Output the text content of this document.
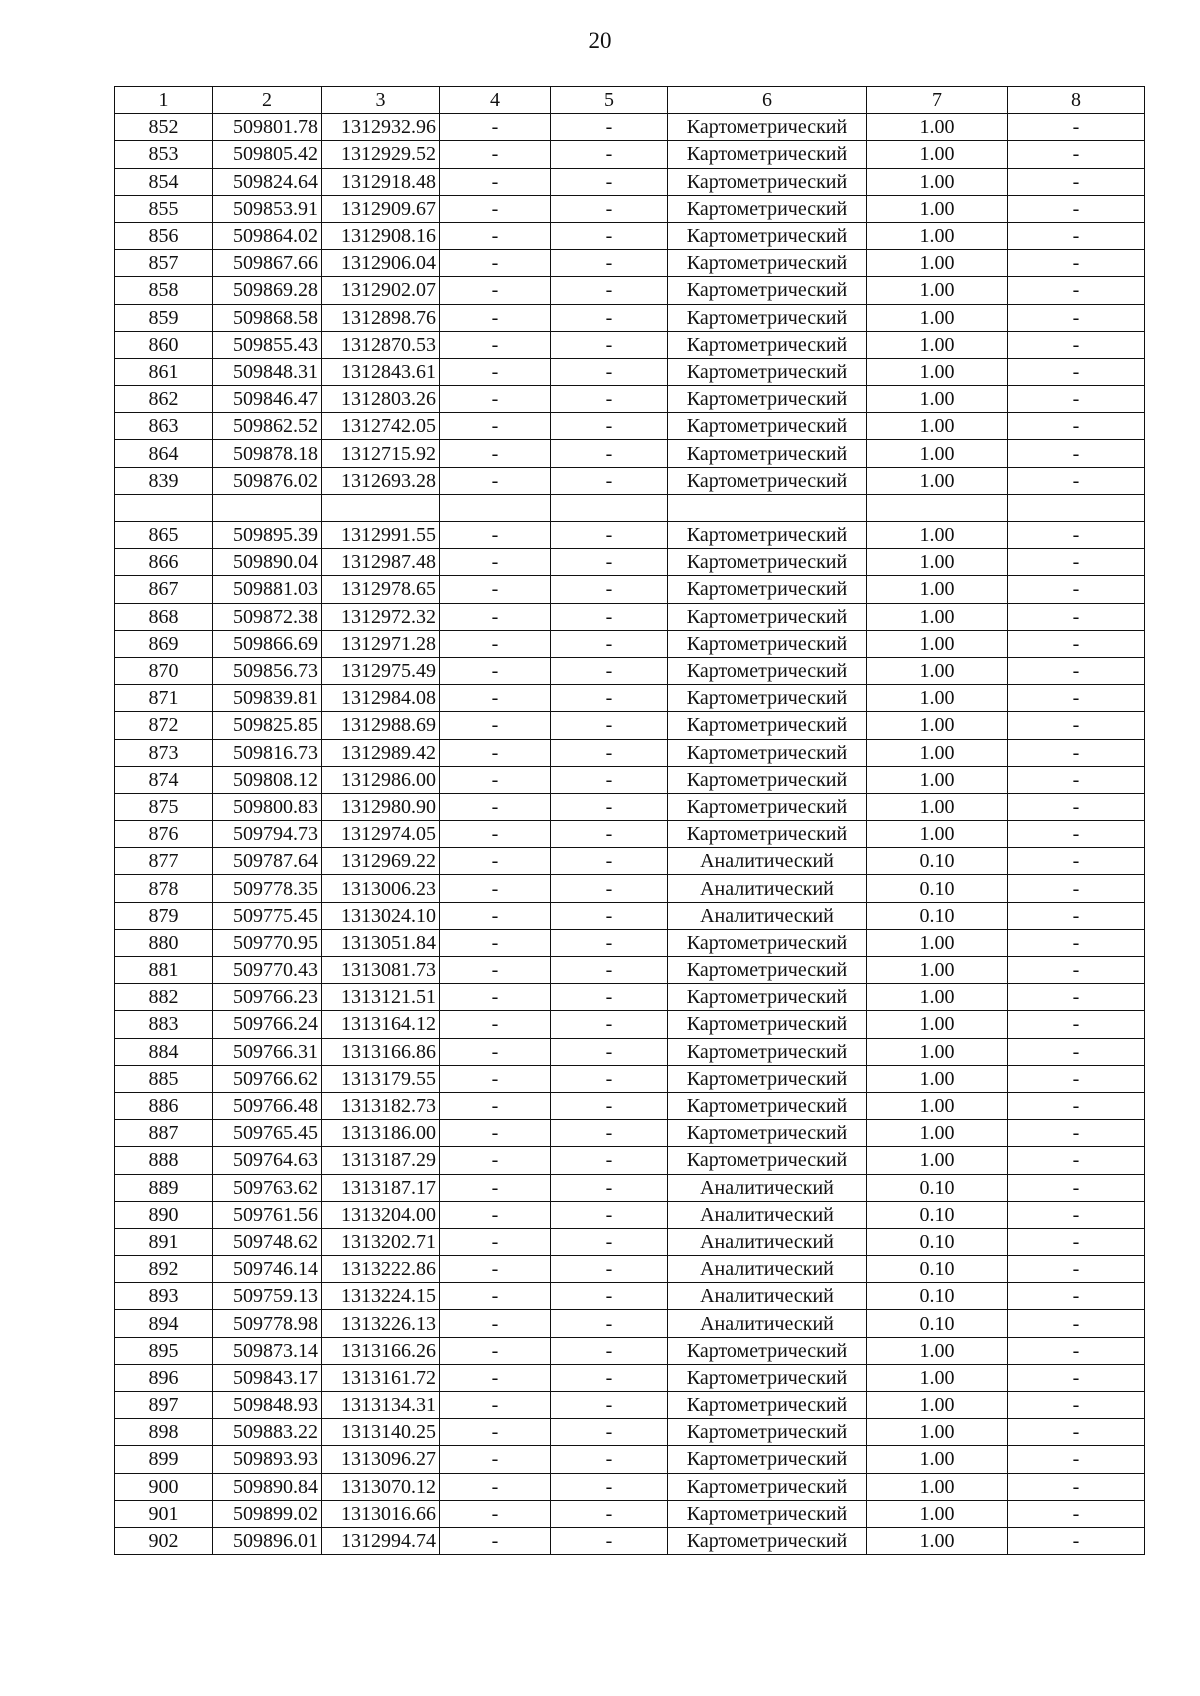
20
1	2	3	4	5	6	7	8
852	509801.78	1312932.96	-	-	Картометрический	1.00	-
853	509805.42	1312929.52	-	-	Картометрический	1.00	-
854	509824.64	1312918.48	-	-	Картометрический	1.00	-
855	509853.91	1312909.67	-	-	Картометрический	1.00	-
856	509864.02	1312908.16	-	-	Картометрический	1.00	-
857	509867.66	1312906.04	-	-	Картометрический	1.00	-
858	509869.28	1312902.07	-	-	Картометрический	1.00	-
859	509868.58	1312898.76	-	-	Картометрический	1.00	-
860	509855.43	1312870.53	-	-	Картометрический	1.00	-
861	509848.31	1312843.61	-	-	Картометрический	1.00	-
862	509846.47	1312803.26	-	-	Картометрический	1.00	-
863	509862.52	1312742.05	-	-	Картометрический	1.00	-
864	509878.18	1312715.92	-	-	Картометрический	1.00	-
839	509876.02	1312693.28	-	-	Картометрический	1.00	-

865	509895.39	1312991.55	-	-	Картометрический	1.00	-
866	509890.04	1312987.48	-	-	Картометрический	1.00	-
867	509881.03	1312978.65	-	-	Картометрический	1.00	-
868	509872.38	1312972.32	-	-	Картометрический	1.00	-
869	509866.69	1312971.28	-	-	Картометрический	1.00	-
870	509856.73	1312975.49	-	-	Картометрический	1.00	-
871	509839.81	1312984.08	-	-	Картометрический	1.00	-
872	509825.85	1312988.69	-	-	Картометрический	1.00	-
873	509816.73	1312989.42	-	-	Картометрический	1.00	-
874	509808.12	1312986.00	-	-	Картометрический	1.00	-
875	509800.83	1312980.90	-	-	Картометрический	1.00	-
876	509794.73	1312974.05	-	-	Картометрический	1.00	-
877	509787.64	1312969.22	-	-	Аналитический	0.10	-
878	509778.35	1313006.23	-	-	Аналитический	0.10	-
879	509775.45	1313024.10	-	-	Аналитический	0.10	-
880	509770.95	1313051.84	-	-	Картометрический	1.00	-
881	509770.43	1313081.73	-	-	Картометрический	1.00	-
882	509766.23	1313121.51	-	-	Картометрический	1.00	-
883	509766.24	1313164.12	-	-	Картометрический	1.00	-
884	509766.31	1313166.86	-	-	Картометрический	1.00	-
885	509766.62	1313179.55	-	-	Картометрический	1.00	-
886	509766.48	1313182.73	-	-	Картометрический	1.00	-
887	509765.45	1313186.00	-	-	Картометрический	1.00	-
888	509764.63	1313187.29	-	-	Картометрический	1.00	-
889	509763.62	1313187.17	-	-	Аналитический	0.10	-
890	509761.56	1313204.00	-	-	Аналитический	0.10	-
891	509748.62	1313202.71	-	-	Аналитический	0.10	-
892	509746.14	1313222.86	-	-	Аналитический	0.10	-
893	509759.13	1313224.15	-	-	Аналитический	0.10	-
894	509778.98	1313226.13	-	-	Аналитический	0.10	-
895	509873.14	1313166.26	-	-	Картометрический	1.00	-
896	509843.17	1313161.72	-	-	Картометрический	1.00	-
897	509848.93	1313134.31	-	-	Картометрический	1.00	-
898	509883.22	1313140.25	-	-	Картометрический	1.00	-
899	509893.93	1313096.27	-	-	Картометрический	1.00	-
900	509890.84	1313070.12	-	-	Картометрический	1.00	-
901	509899.02	1313016.66	-	-	Картометрический	1.00	-
902	509896.01	1312994.74	-	-	Картометрический	1.00	-
